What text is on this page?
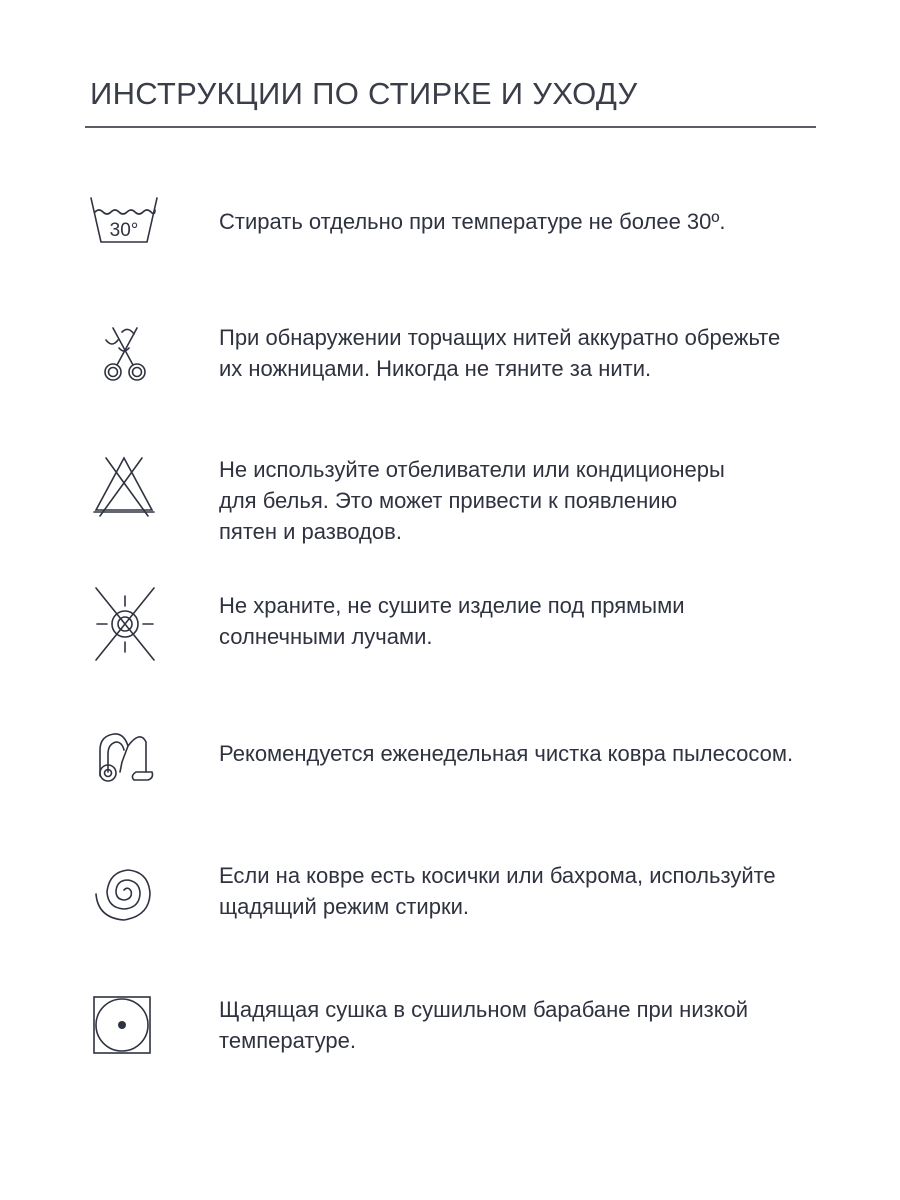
ИНСТРУКЦИИ ПО СТИРКЕ И УХОДУ
30°	Стирать отдельно при температуре не более 30º.
При обнаружении торчащих нитей аккуратно обрежьте
их ножницами. Никогда не тяните за нити.
Не используйте отбеливатели или кондиционеры
для белья. Это может привести к появлению
пятен и разводов.
Не храните, не сушите изделие под прямыми
солнечными лучами.
Рекомендуется еженедельная чистка ковра пылесосом.
Если на ковре есть косички или бахрома, используйте
щадящий режим стирки.
Щадящая сушка в сушильном барабане при низкой
температуре.
